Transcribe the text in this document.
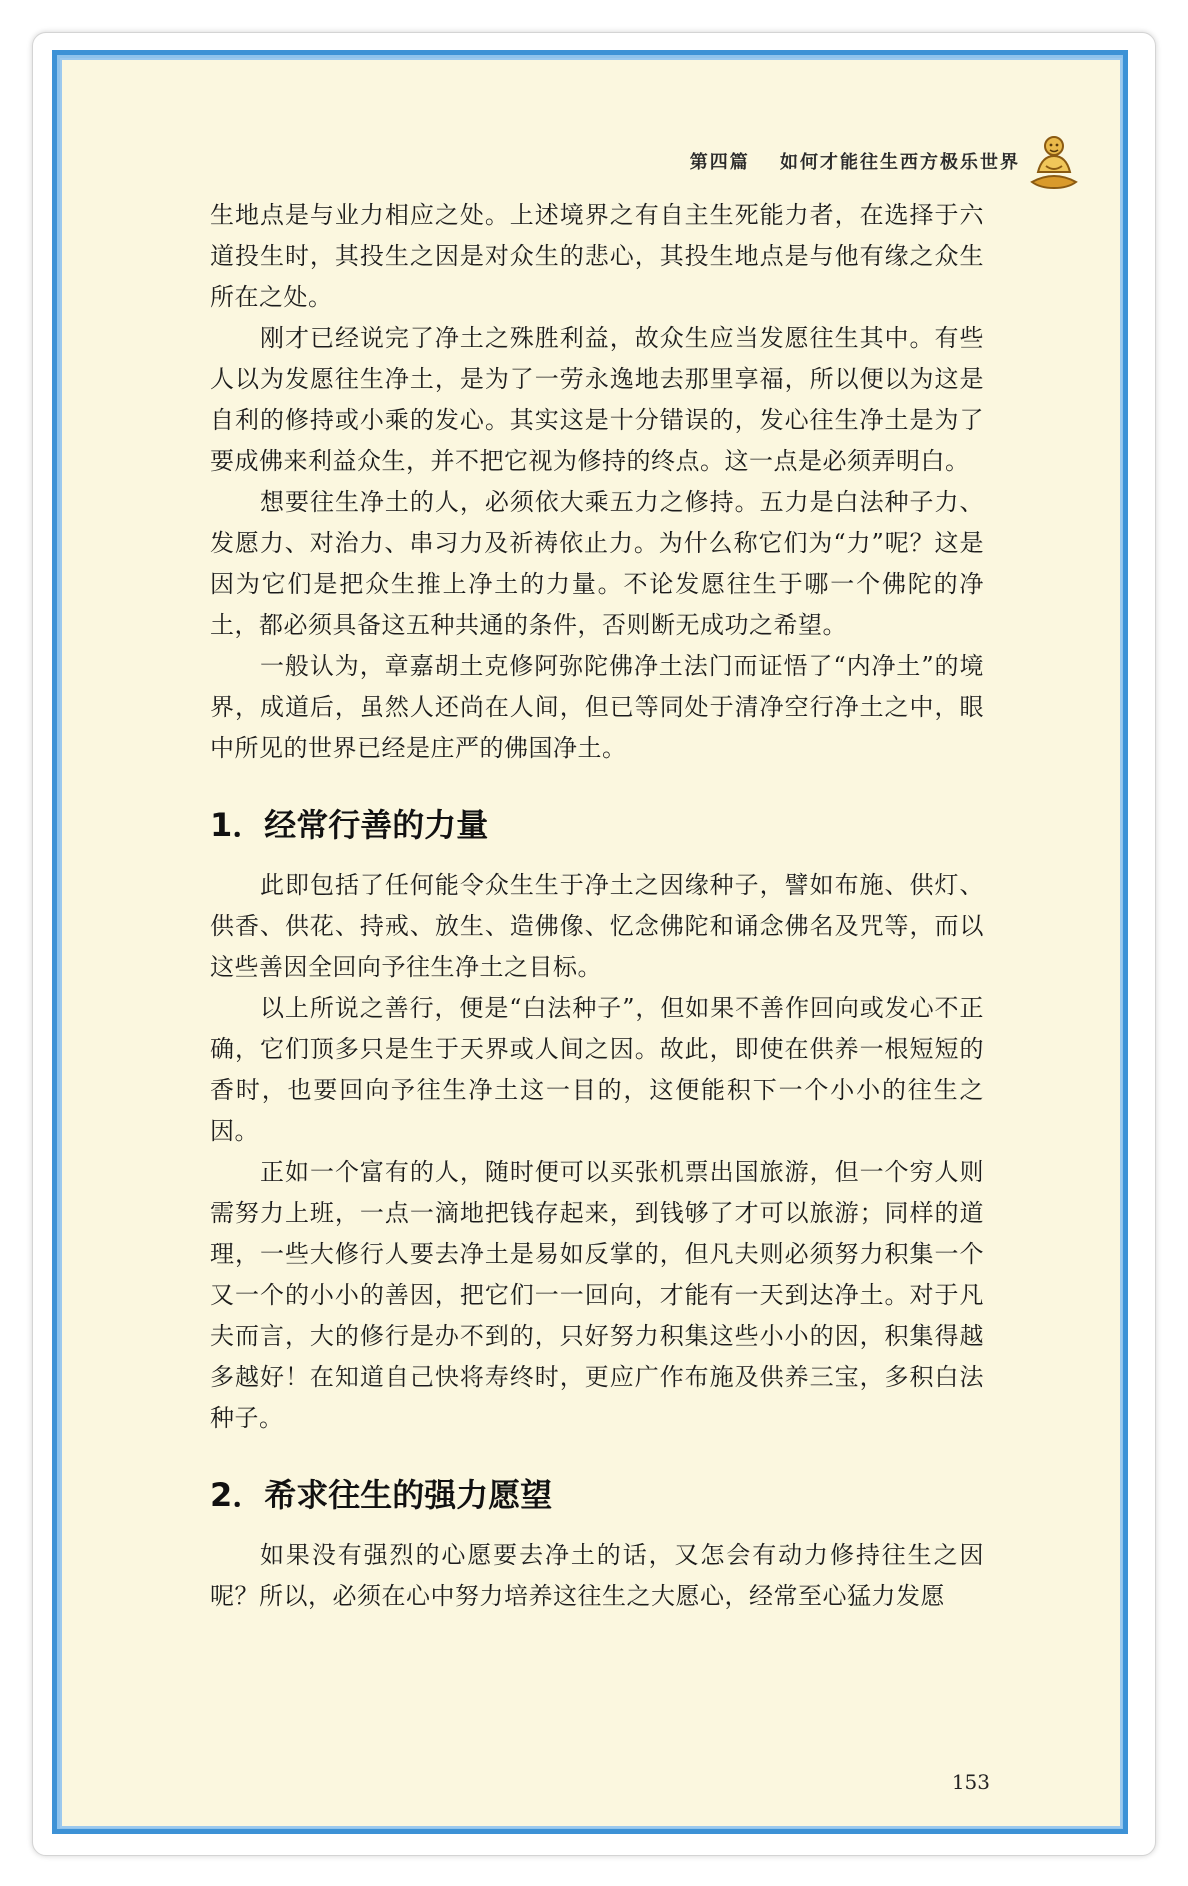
第四篇 如何才能往生西方极乐世界

生地点是与业力相应之处。上述境界之有自主生死能力者，在选择于六道投生时，其投生之因是对众生的悲心，其投生地点是与他有缘之众生所在之处。

刚才已经说完了净土之殊胜利益，故众生应当发愿往生其中。有些人以为发愿往生净土，是为了一劳永逸地去那里享福，所以便以为这是自利的修持或小乘的发心。其实这是十分错误的，发心往生净土是为了要成佛来利益众生，并不把它视为修持的终点。这一点是必须弄明白。

想要往生净土的人，必须依大乘五力之修持。五力是白法种子力、发愿力、对治力、串习力及祈祷依止力。为什么称它们为“力”呢？这是因为它们是把众生推上净土的力量。不论发愿往生于哪一个佛陀的净土，都必须具备这五种共通的条件，否则断无成功之希望。

一般认为，章嘉胡土克修阿弥陀佛净土法门而证悟了“内净土”的境界，成道后，虽然人还尚在人间，但已等同处于清净空行净土之中，眼中所见的世界已经是庄严的佛国净土。

1．经常行善的力量

此即包括了任何能令众生生于净土之因缘种子，譬如布施、供灯、供香、供花、持戒、放生、造佛像、忆念佛陀和诵念佛名及咒等，而以这些善因全回向予往生净土之目标。

以上所说之善行，便是“白法种子”，但如果不善作回向或发心不正确，它们顶多只是生于天界或人间之因。故此，即使在供养一根短短的香时，也要回向予往生净土这一目的，这便能积下一个小小的往生之因。

正如一个富有的人，随时便可以买张机票出国旅游，但一个穷人则需努力上班，一点一滴地把钱存起来，到钱够了才可以旅游；同样的道理，一些大修行人要去净土是易如反掌的，但凡夫则必须努力积集一个又一个的小小的善因，把它们一一回向，才能有一天到达净土。对于凡夫而言，大的修行是办不到的，只好努力积集这些小小的因，积集得越多越好！在知道自己快将寿终时，更应广作布施及供养三宝，多积白法种子。

2．希求往生的强力愿望

如果没有强烈的心愿要去净土的话，又怎会有动力修持往生之因呢？所以，必须在心中努力培养这往生之大愿心，经常至心猛力发愿

153
